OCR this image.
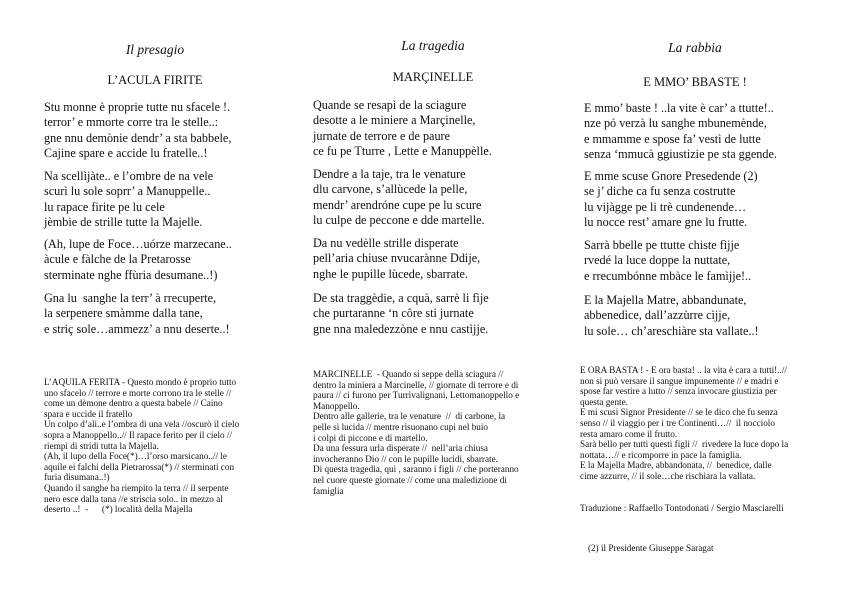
Il presagio
L’ACULA FIRITE

Stu monne è proprie tutte nu sfacele !.
terror’ e mmorte corre tra le stelle..:
gne nnu demònie dendr’ a sta babbele,
Cajine spare e accide lu fratelle..!

Na scellìjàte.. e l’ombre de na vele
scurì lu sole soprr’ a Manuppelle..
lu rapace firite pe lu cele
jèmbie de strille tutte la Majelle.

(Ah, lupe de Foce…uórze marzecane..
àcule e fàlche de la Pretarosse
sterminate nghe ffùria desumane..!)

Gna lu  sanghe la terr’ à rrecuperte,
la serpenere smàmme dalla tane,
e striç sole…ammezz’ a nnu deserte..!

L’AQUILA FERITA - Questo mondo è proprio tutto
uno sfacelo // terrore e morte corrono tra le stelle //
come un dèmone dentro a questa babele // Caino
spara e uccide il fratello
Un colpo d’ali..e l’ombra di una vela //oscurò il cielo
sopra a Manoppello..// Il rapace ferito per il cielo //
riempì di stridi tutta la Majella.
(Ah, il lupo della Foce(*)…l’orso marsicano..// le
aquile ei falchi della Pietrarossa(*) // sterminati con
furia disumana..!)
Quando il sanghe ha riempito la terra // il serpente
nero esce dalla tana //e striscia solo.. in mezzo al
deserto ..!  -      (*) località della Majella

La tragedia
MARÇINELLE

Quande se resapì de la sciagure
desotte a le miniere a Marçinelle,
jurnate de terrore e de paure
ce fu pe Tturre , Lette e Manuppèlle.

Dendre a la taje, tra le venature
dlu carvone, s’allùcede la pelle,
mendr’ arendróne cupe pe lu scure
lu culpe de peccone e dde martelle.

Da nu vedèlle strille disperate
pell’aria chiuse nvucarànne Ddije,
nghe le pupille lùcede, sbarrate.

De sta traggèdie, a cquà, sarrè li fìje
che purtaranne ‘n côre sti jurnate
gne nna maledezzòne e nnu castìjje.

MARCINELLE  - Quando si seppe della sciagura //
dentro la miniera a Marcinelle, // giornate di terrore e di
paura // ci furono per Turrivalignani, Lettomanoppello e
Manoppello.
Dentro alle gallerie, tra le venature  //  di carbone, la
pelle si lucida // mentre risuonano cupi nel buio
i colpi di piccone e di martello.
Da una fessura urla disperate //  nell’aria chiusa
invocheranno Dio // con le pupille lucidi, sbarrate.
Di questa tragedia, qui , saranno i figli // che porteranno
nel cuore queste giornate // come una maledizione di
famiglia

La rabbia
E MMO’ BBASTE !

E mmo’ baste ! ..la vite è car’ a ttutte!..
nze pó verzà lu sanghe mbunemènde,
e mmamme e spose fa’ vestì de lutte
senza ‘mmucà ggiustizie pe sta ggende.

E mme scuse Gnore Presedende (2)
se j’ diche ca fu senza costrutte
lu vijàgge pe li trè cundenende…
lu nocce rest’ amare gne lu frutte.

Sarrà bbelle pe ttutte chiste fìjje
rvedé la luce doppe la nuttate,
e rrecumbónne mbàce le famìjje!..

E la Majella Matre, abbandunate,
abbenedìce, dall’azzùrre cìjje,
lu sole… ch’areschiàre sta vallate..!

E ORA BASTA ! - E ora basta! .. la vita è cara a tutti!..//
non si può versare il sangue impunemente // e madri e
spose far vestire a lutto // senza invocare giustizia per
questa gente.
E mi scusi Signor Presidente // se le dico che fu senza
senso // il viaggio per i tre Continenti…//  il nocciolo
resta amaro come il frutto.
Sarà bello per tutti questi figli //  rivedere la luce dopo la
nottata…// e ricomporre in pace la famiglia.
E la Majella Madre, abbandonata, //  benedice, dalle
cime azzurre, // il sole…che rischiara la vallata.

Traduzione : Raffaello Tontodonati / Sergio Masciarelli

(2) il Presidente Giuseppe Saragat
